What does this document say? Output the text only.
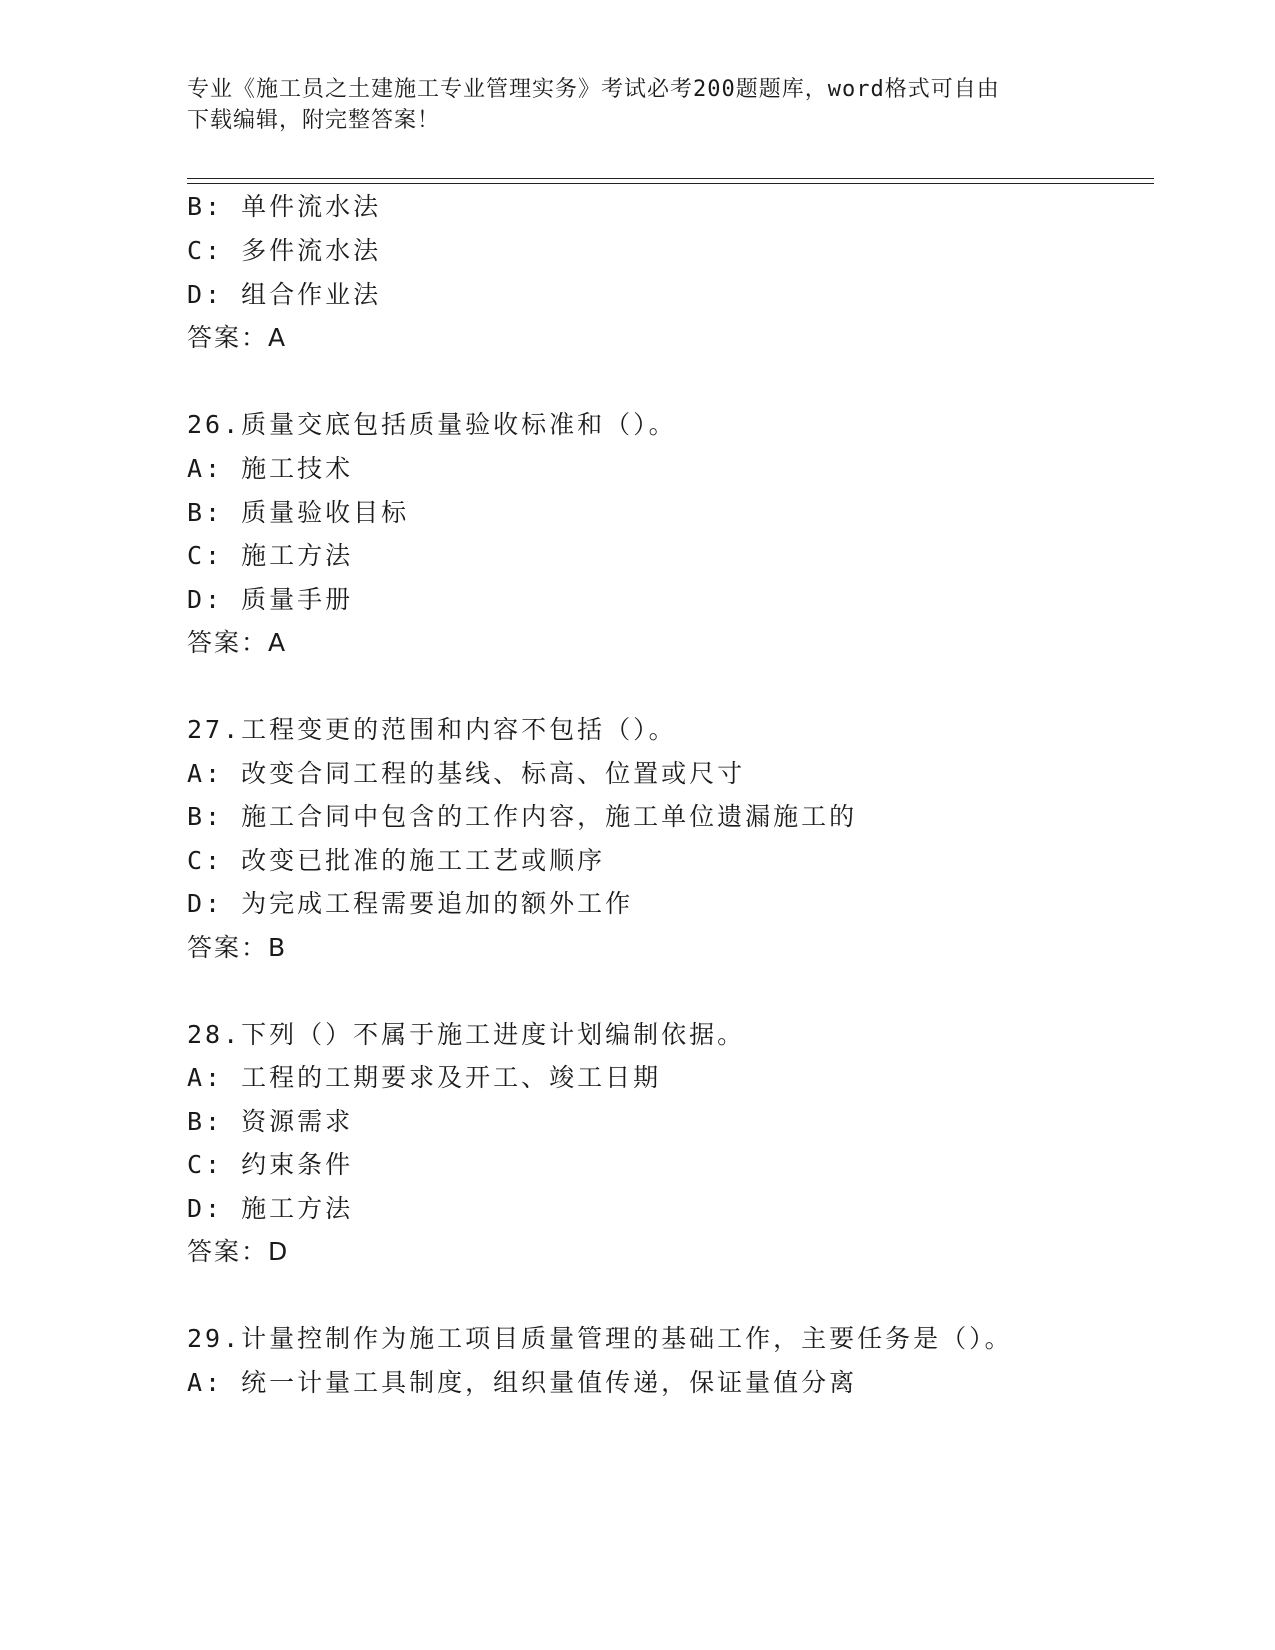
专业《施工员之土建施工专业管理实务》考试必考200题题库，word格式可自由
下载编辑，附完整答案！
B: 单件流水法
C: 多件流水法
D: 组合作业法
答案：A
26.质量交底包括质量验收标准和（）。
A: 施工技术
B: 质量验收目标
C: 施工方法
D: 质量手册
答案：A
27.工程变更的范围和内容不包括（）。
A: 改变合同工程的基线、标高、位置或尺寸
B: 施工合同中包含的工作内容，施工单位遗漏施工的
C: 改变已批准的施工工艺或顺序
D: 为完成工程需要追加的额外工作
答案：B
28.下列（）不属于施工进度计划编制依据。
A: 工程的工期要求及开工、竣工日期
B: 资源需求
C: 约束条件
D: 施工方法
答案：D
29.计量控制作为施工项目质量管理的基础工作，主要任务是（）。
A: 统一计量工具制度，组织量值传递，保证量值分离
